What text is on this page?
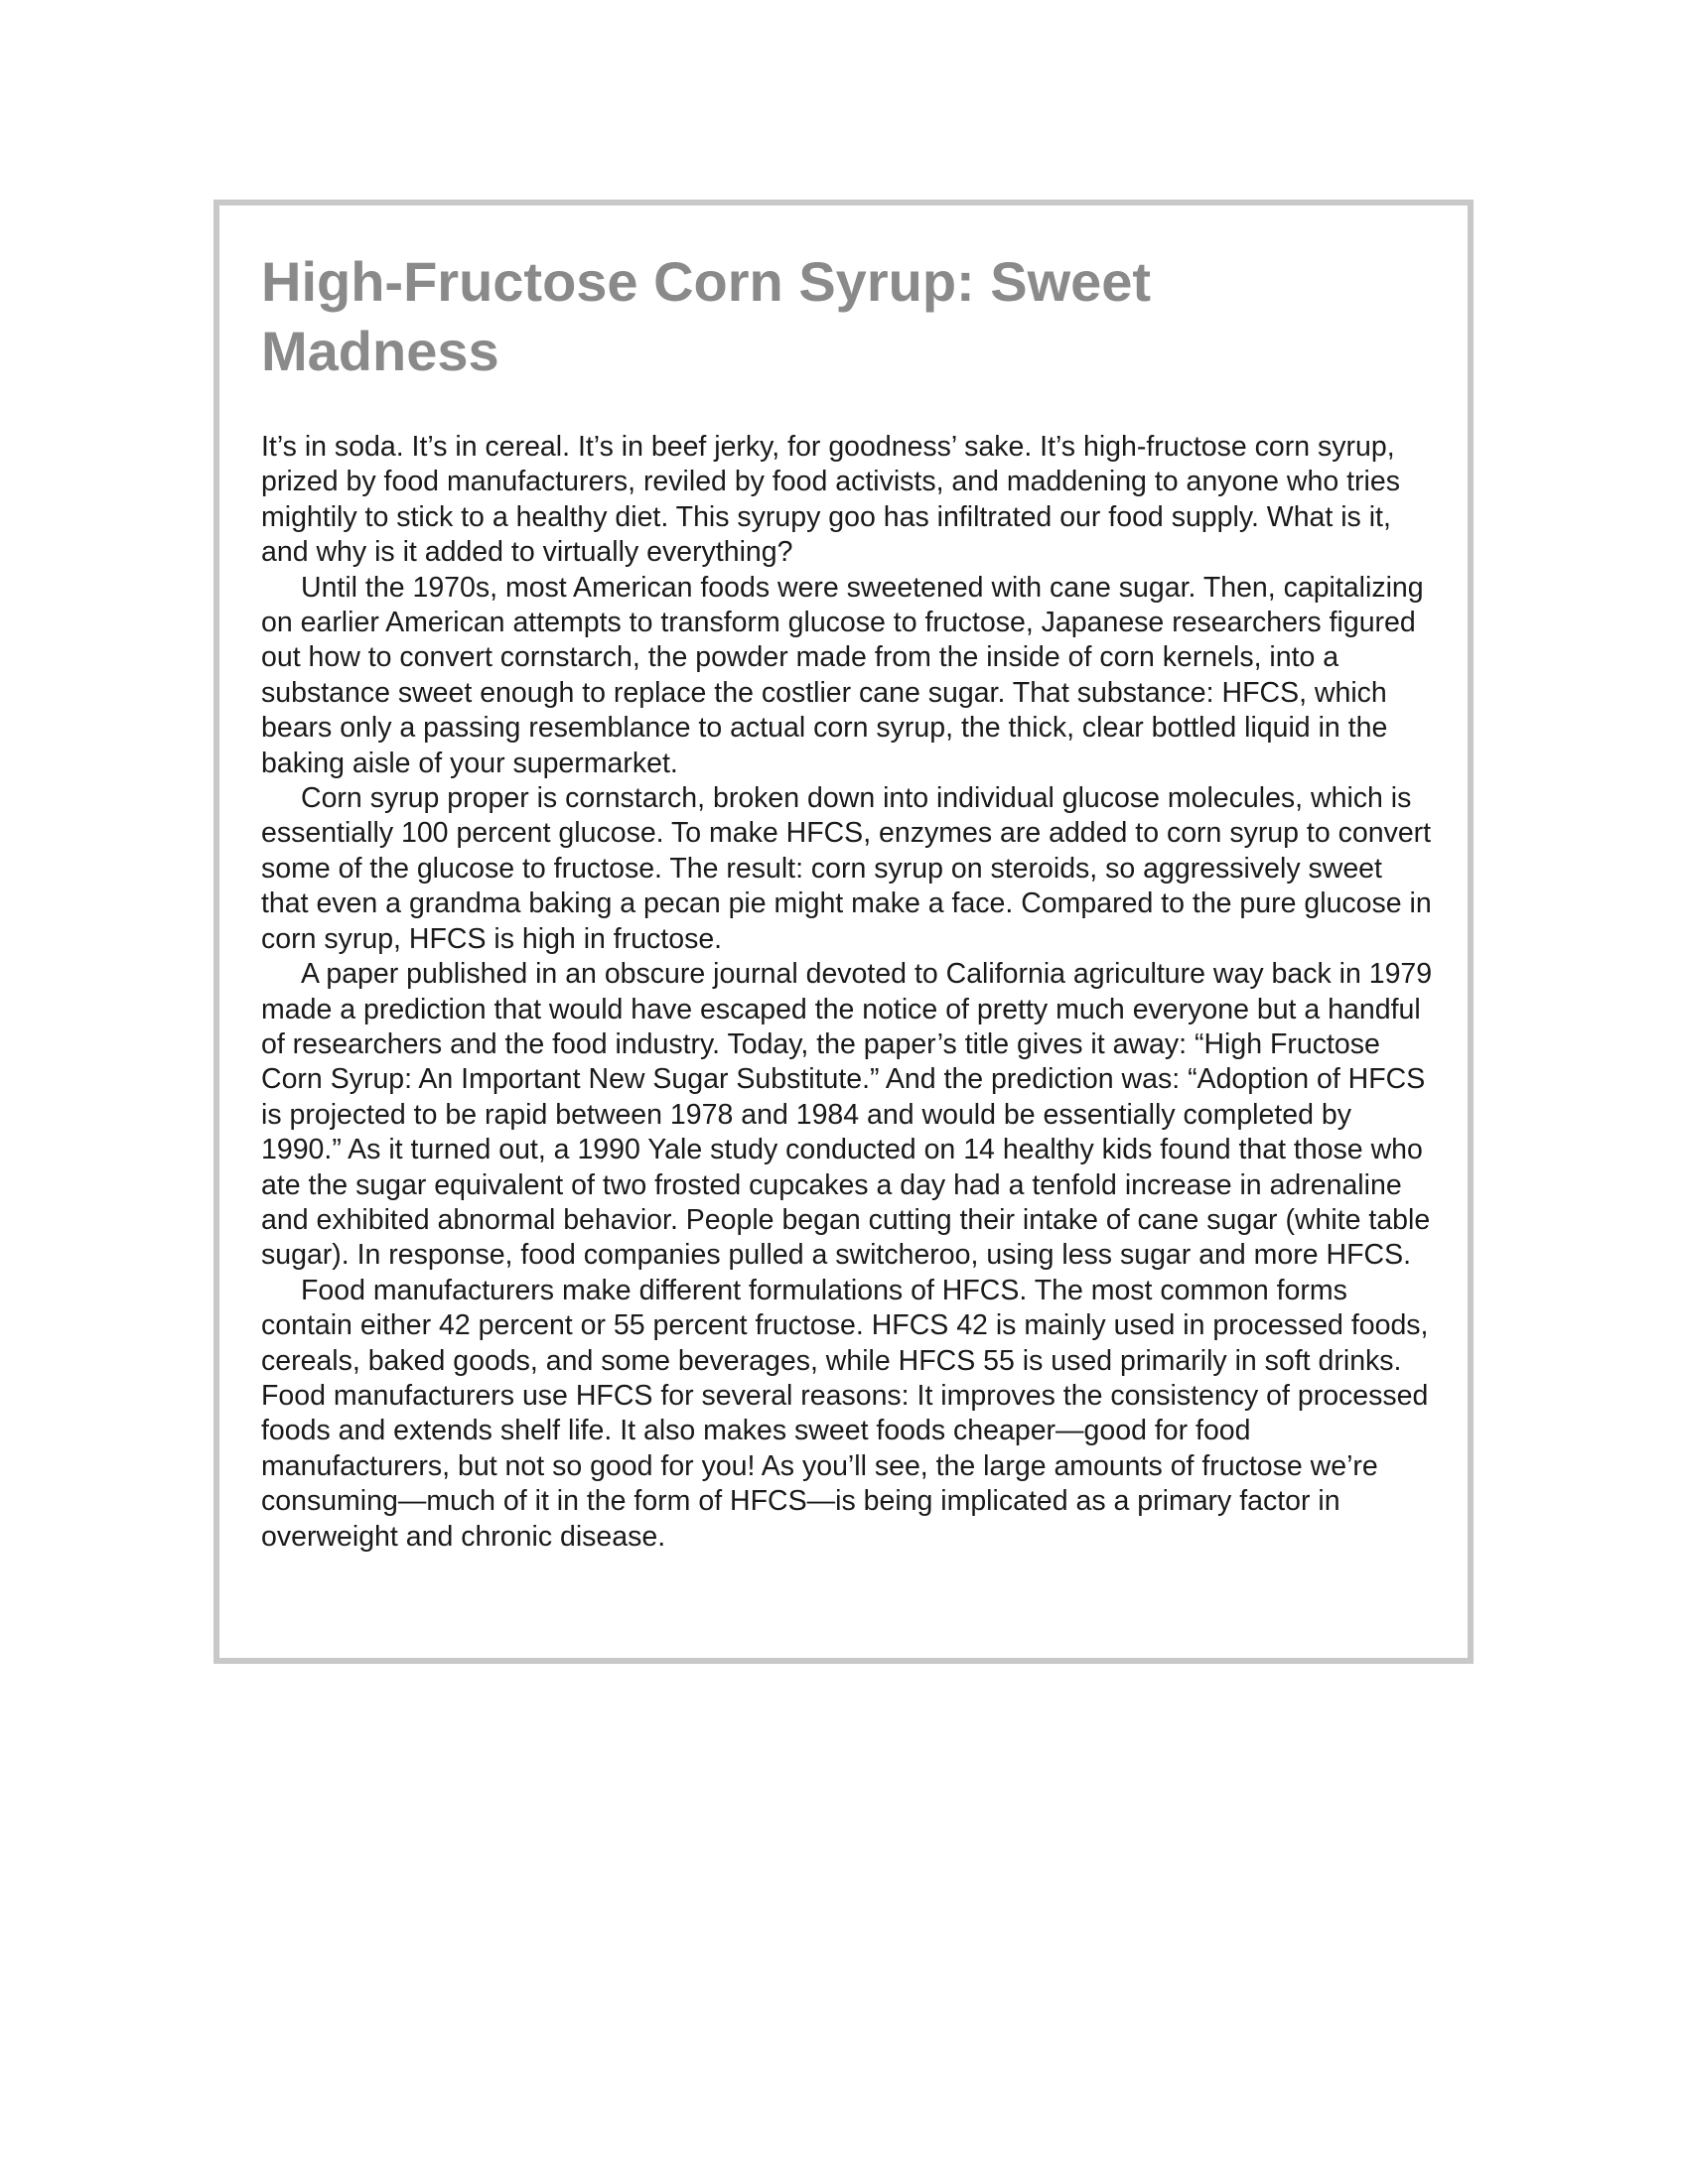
High-Fructose Corn Syrup: Sweet Madness

It’s in soda. It’s in cereal. It’s in beef jerky, for goodness’ sake. It’s high-fructose corn syrup, prized by food manufacturers, reviled by food activists, and maddening to anyone who tries mightily to stick to a healthy diet. This syrupy goo has infiltrated our food supply. What is it, and why is it added to virtually everything?

Until the 1970s, most American foods were sweetened with cane sugar. Then, capitalizing on earlier American attempts to transform glucose to fructose, Japanese researchers figured out how to convert cornstarch, the powder made from the inside of corn kernels, into a substance sweet enough to replace the costlier cane sugar. That substance: HFCS, which bears only a passing resemblance to actual corn syrup, the thick, clear bottled liquid in the baking aisle of your supermarket.

Corn syrup proper is cornstarch, broken down into individual glucose molecules, which is essentially 100 percent glucose. To make HFCS, enzymes are added to corn syrup to convert some of the glucose to fructose. The result: corn syrup on steroids, so aggressively sweet that even a grandma baking a pecan pie might make a face. Compared to the pure glucose in corn syrup, HFCS is high in fructose.

A paper published in an obscure journal devoted to California agriculture way back in 1979 made a prediction that would have escaped the notice of pretty much everyone but a handful of researchers and the food industry. Today, the paper’s title gives it away: “High Fructose Corn Syrup: An Important New Sugar Substitute.” And the prediction was: “Adoption of HFCS is projected to be rapid between 1978 and 1984 and would be essentially completed by 1990.” As it turned out, a 1990 Yale study conducted on 14 healthy kids found that those who ate the sugar equivalent of two frosted cupcakes a day had a tenfold increase in adrenaline and exhibited abnormal behavior. People began cutting their intake of cane sugar (white table sugar). In response, food companies pulled a switcheroo, using less sugar and more HFCS.

Food manufacturers make different formulations of HFCS. The most common forms contain either 42 percent or 55 percent fructose. HFCS 42 is mainly used in processed foods, cereals, baked goods, and some beverages, while HFCS 55 is used primarily in soft drinks. Food manufacturers use HFCS for several reasons: It improves the consistency of processed foods and extends shelf life. It also makes sweet foods cheaper—good for food manufacturers, but not so good for you! As you’ll see, the large amounts of fructose we’re consuming—much of it in the form of HFCS—is being implicated as a primary factor in overweight and chronic disease.
